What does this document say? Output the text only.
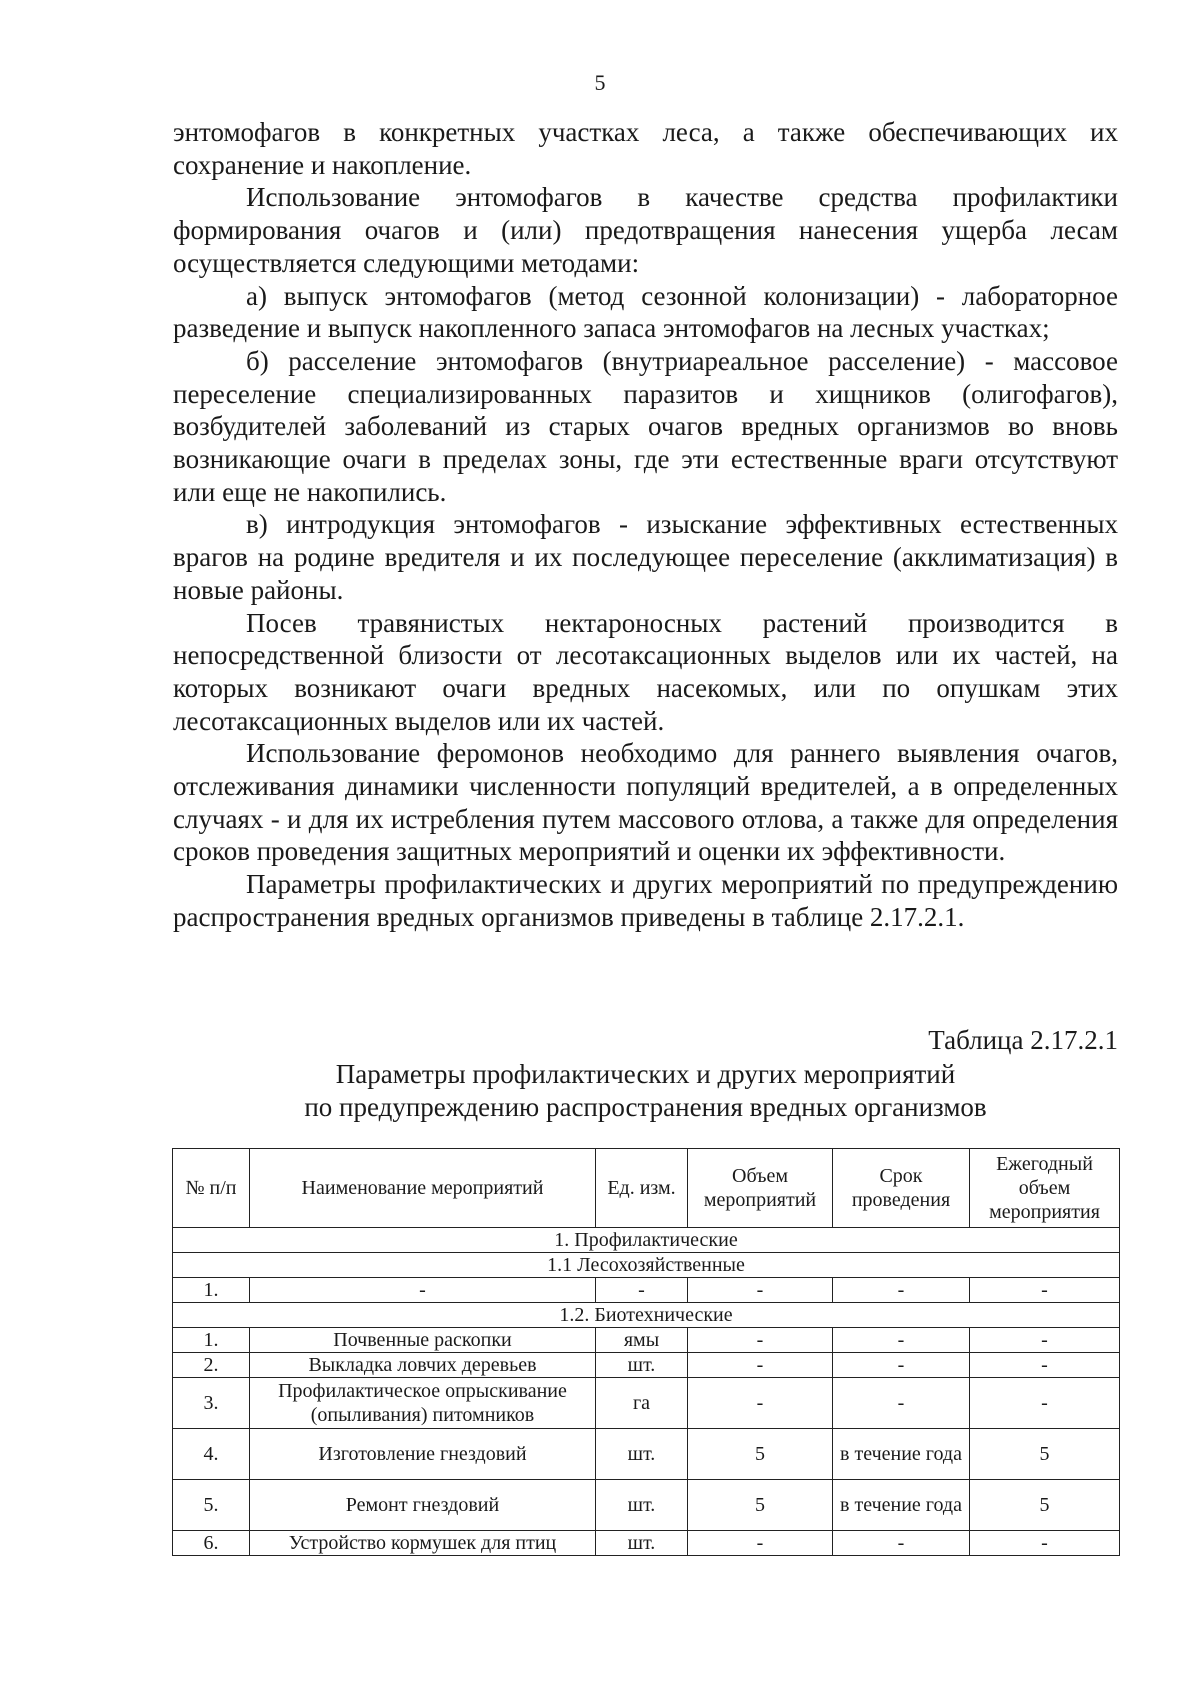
5

энтомофагов в конкретных участках леса, а также обеспечивающих их сохранение и накопление.

Использование энтомофагов в качестве средства профилактики формирования очагов и (или) предотвращения нанесения ущерба лесам осуществляется следующими методами:

а) выпуск энтомофагов (метод сезонной колонизации) - лабораторное разведение и выпуск накопленного запаса энтомофагов на лесных участках;

б) расселение энтомофагов (внутриареальное расселение) - массовое переселение специализированных паразитов и хищников (олигофагов), возбудителей заболеваний из старых очагов вредных организмов во вновь возникающие очаги в пределах зоны, где эти естественные враги отсутствуют или еще не накопились.

в) интродукция энтомофагов - изыскание эффективных естественных врагов на родине вредителя и их последующее переселение (акклиматизация) в новые районы.

Посев травянистых нектароносных растений производится в непосредственной близости от лесотаксационных выделов или их частей, на которых возникают очаги вредных насекомых, или по опушкам этих лесотаксационных выделов или их частей.

Использование феромонов необходимо для раннего выявления очагов, отслеживания динамики численности популяций вредителей, а в определенных случаях - и для их истребления путем массового отлова, а также для определения сроков проведения защитных мероприятий и оценки их эффективности.

Параметры профилактических и других мероприятий по предупреждению распространения вредных организмов приведены в таблице 2.17.2.1.

Таблица 2.17.2.1
Параметры профилактических и других мероприятий
по предупреждению распространения вредных организмов
№ п/п	Наименование мероприятий	Ед. изм.	Объем мероприятий	Срок проведения	Ежегодный объем мероприятия
1. Профилактические					
1.1 Лесохозяйственные					
1.	-	-	-	-	-
1.2. Биотехнические					
1.	Почвенные раскопки	ямы	-	-	-
2.	Выкладка ловчих деревьев	шт.	-	-	-
3.	Профилактическое опрыскивание (опыливания) питомников	га	-	-	-
4.	Изготовление гнездовий	шт.	5	в течение года	5
5.	Ремонт гнездовий	шт.	5	в течение года	5
6.	Устройство кормушек для птиц	шт.	-	-	-
